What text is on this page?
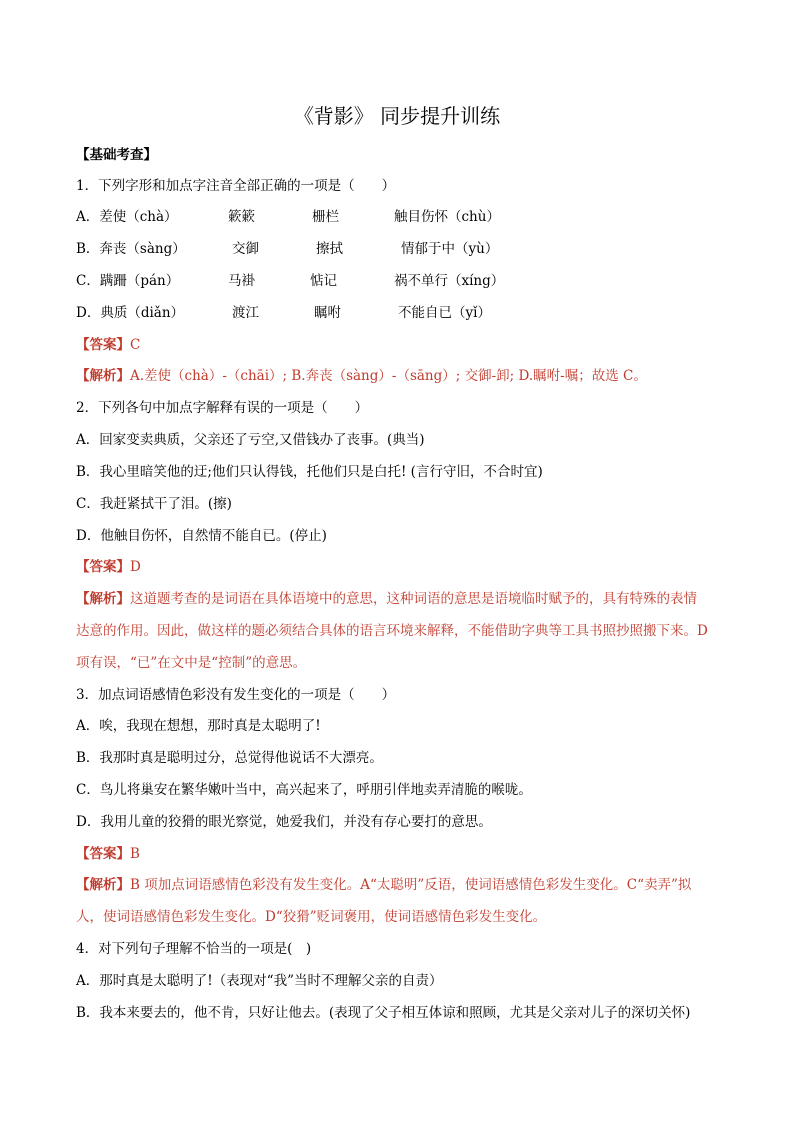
《背影》 同步提升训练
【基础考查】
1．下列字形和加点字注音全部正确的一项是（　　）
A．差使（chà）	簌簌	栅栏	触目伤怀（chù）
B．奔丧（sàng）	交御	擦拭	情郁于中（yù）
C．蹒跚（pán）	马褂	惦记	祸不单行（xíng）
D．典质（diǎn）	渡江	瞩咐	不能自已（yǐ）
【答案】C
【解析】A.差使（chà）-（chāi）; B.奔丧（sàng）-（sāng）; 交御-卸; D.瞩咐-嘱；故选 C。
2．下列各句中加点字解释有误的一项是（　　）
A．回家变卖典质，父亲还了亏空,又借钱办了丧事。(典当)
B．我心里暗笑他的迂;他们只认得钱，托他们只是白托! (言行守旧，不合时宜)
C．我赶紧拭干了泪。(擦)
D．他触目伤怀，自然情不能自已。(停止)
【答案】D
【解析】这道题考查的是词语在具体语境中的意思，这种词语的意思是语境临时赋予的，具有特殊的表情
达意的作用。因此，做这样的题必须结合具体的语言环境来解释，不能借助字典等工具书照抄照搬下来。D
项有误，“已”在文中是“控制”的意思。
3．加点词语感情色彩没有发生变化的一项是（　　）
A．唉，我现在想想，那时真是太聪明了!
B．我那时真是聪明过分，总觉得他说话不大漂亮。
C．鸟儿将巢安在繁华嫩叶当中，高兴起来了，呼朋引伴地卖弄清脆的喉咙。
D．我用儿童的狡猾的眼光察觉，她爱我们，并没有存心要打的意思。
【答案】B
【解析】B 项加点词语感情色彩没有发生变化。A“太聪明”反语，使词语感情色彩发生变化。C“卖弄”拟
人，使词语感情色彩发生变化。D“狡猾”贬词褒用，使词语感情色彩发生变化。
4．对下列句子理解不恰当的一项是(　)
A．那时真是太聪明了!（表现对“我”当时不理解父亲的自责）
B．我本来要去的，他不肯，只好让他去。(表现了父子相互体谅和照顾，尤其是父亲对儿子的深切关怀)
